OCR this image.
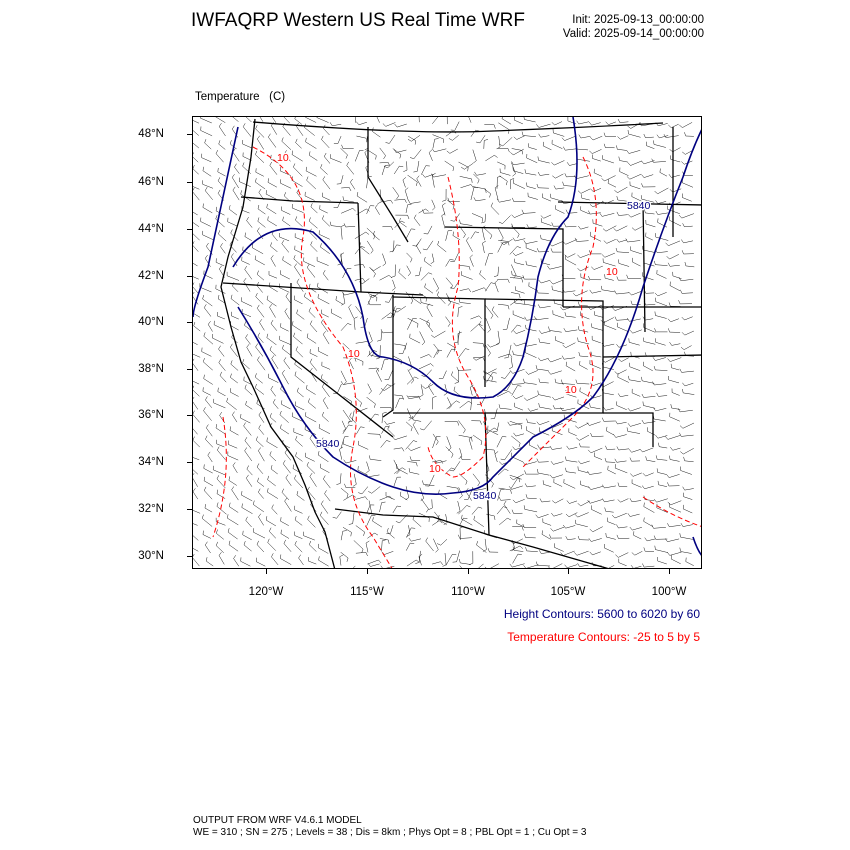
IWFAQRP Western US Real Time WRF	Init: 2025-09-13_00:00:00
Valid: 2025-09-14_00:00:00

Temperature   (C)

5840
5840
5840
10
10
10
10
10
48°N
46°N
44°N
42°N
40°N
38°N
36°N
34°N
32°N
30°N
120°W	115°W	110°W	105°W	100°W
Height Contours: 5600 to 6020 by 60
Temperature Contours: -25 to 5 by 5
OUTPUT FROM WRF V4.6.1 MODEL
WE = 310 ; SN = 275 ; Levels = 38 ; Dis = 8km ; Phys Opt = 8 ; PBL Opt = 1 ; Cu Opt = 3
